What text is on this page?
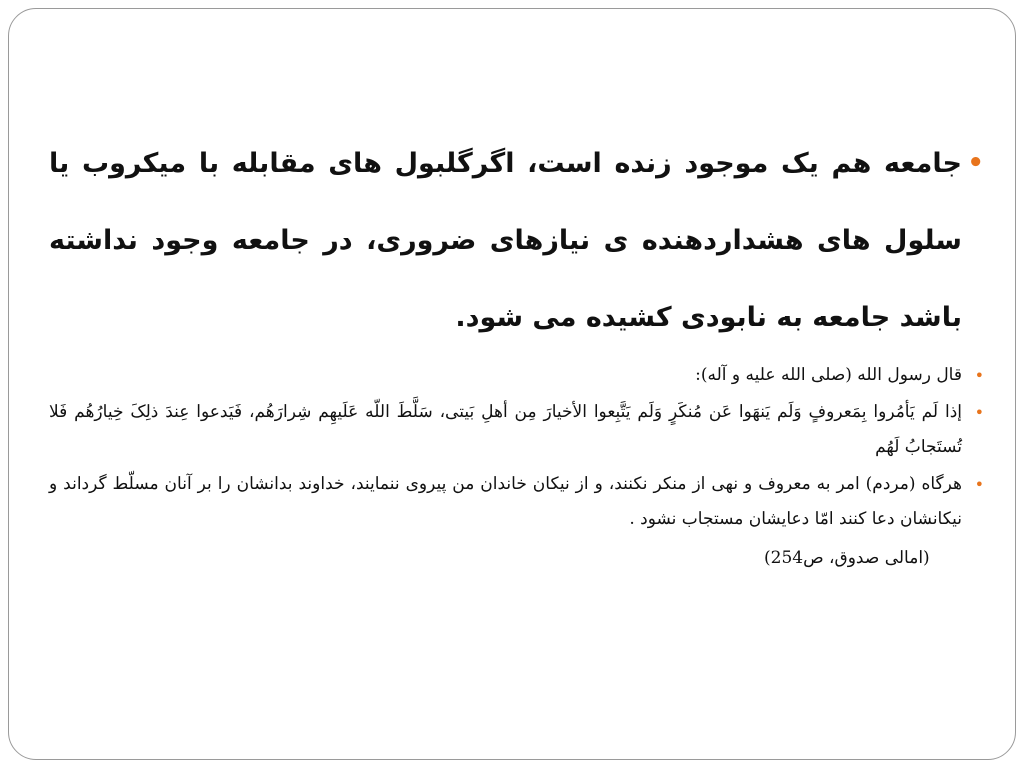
•
جامعه هم یک موجود زنده است، اگرگلبول های مقابله با میکروب یا سلول های هشداردهنده ی نیازهای ضروری، در جامعه وجود نداشته باشد جامعه به نابودی کشیده می شود.
•
قال رسول الله (صلی الله علیه و آله):
•
إذا لَم یَأمُروا بِمَعروفٍ وَلَم یَنهَوا عَن مُنکَرٍ وَلَم یَتَّبِعوا الأخیارَ مِن أهلِ بَیتی، سَلَّطَ اللّه عَلَیهِم شِرارَهُم، فَیَدعوا عِندَ ذلِکَ خِیارُهُم فَلا تُستَجابُ لَهُم
•
هرگاه (مردم) امر به معروف و نهی از منکر نکنند، و از نیکان خاندان من پیروی ننمایند، خداوند بدانشان را بر آنان مسلّط گرداند و نیکانشان دعا کنند امّا دعایشان مستجاب نشود .
(امالی صدوق، ص254)
